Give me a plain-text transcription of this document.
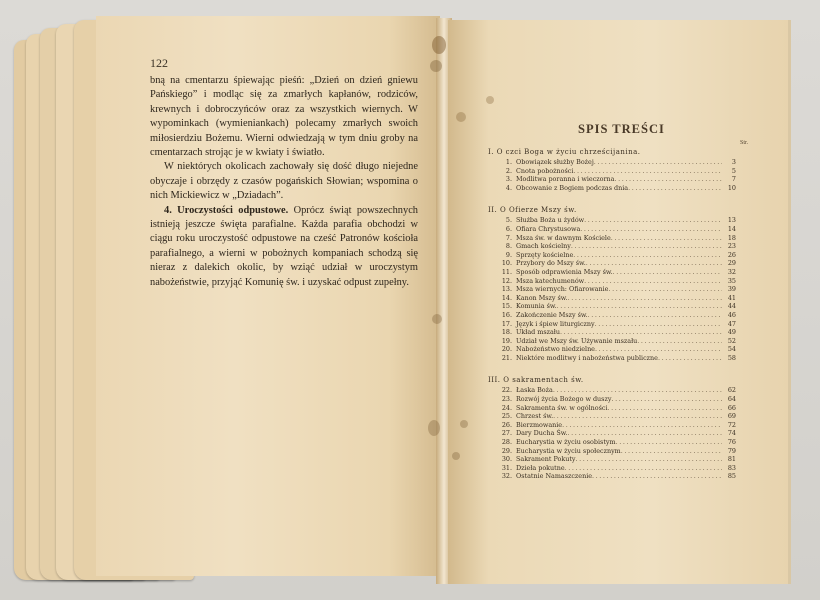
122

bną na cmentarzu śpiewając pieśń: „Dzień on dzień gniewu Pańskiego” i modląc się za zmarłych kapłanów, rodziców, krewnych i dobroczyńców oraz za wszystkich wiernych. W wypominkach (wymieniankach) polecamy zmarłych swoich miłosierdziu Bożemu. Wierni odwiedzają w tym dniu groby na cmentarzach strojąc je w kwiaty i światło.

W niektórych okolicach zachowały się dość długo niejedne obyczaje i obrzędy z czasów pogańskich Słowian; wspomina o nich Mickiewicz w „Dziadach”.

4. Uroczystości odpustowe. Oprócz świąt powszechnych istnieją jeszcze święta parafialne. Każda parafia obchodzi w ciągu roku uroczystość odpustowe na cześć Patronów kościoła parafialnego, a wierni w pobożnych kompaniach schodzą się nieraz z dalekich okolic, by wziąć udział w uroczystym nabożeństwie, przyjąć Komunię św. i uzyskać odpust zupełny.

SPIS TREŚCI
Str.
I. O czci Boga w życiu chrześcijanina.
1. Obowiązek służby Bożej .....	3
2. Cnota pobożności .....	5
3. Modlitwa poranna i wieczorna .....	7
4. Obcowanie z Bogiem podczas dnia .....	10
II. O Ofierze Mszy św.
5. Służba Boża u żydów .....	13
6. Ofiara Chrystusowa .....	14
7. Msza św. w dawnym Kościele .....	18
8. Gmach kościelny .....	23
9. Sprzęty kościelne .....	26
10. Przybory do Mszy św. .....	29
11. Sposób odprawienia Mszy św. .....	32
12. Msza katechumenów .....	35
13. Msza wiernych: Ofiarowanie .....	39
14. Kanon Mszy św. .....	41
15. Komunia św. .....	44
16. Zakończenie Mszy św. .....	46
17. Język i śpiew liturgiczny .....	47
18. Układ mszału .....	49
19. Udział we Mszy św. Używanie mszału .....	52
20. Nabożeństwo niedzielne .....	54
21. Niektóre modlitwy i nabożeństwa publiczne .....	58
III. O sakramentach św.
22. Łaska Boża .....	62
23. Rozwój życia Bożego w duszy .....	64
24. Sakramenta św. w ogólności .....	66
25. Chrzest św. .....	69
26. Bierzmowanie .....	72
27. Dary Ducha Św. .....	74
28. Eucharystia w życiu osobistym .....	76
29. Eucharystia w życiu społecznym .....	79
30. Sakrament Pokuty .....	81
31. Dzieła pokutne .....	83
32. Ostatnie Namaszczenie .....	85
